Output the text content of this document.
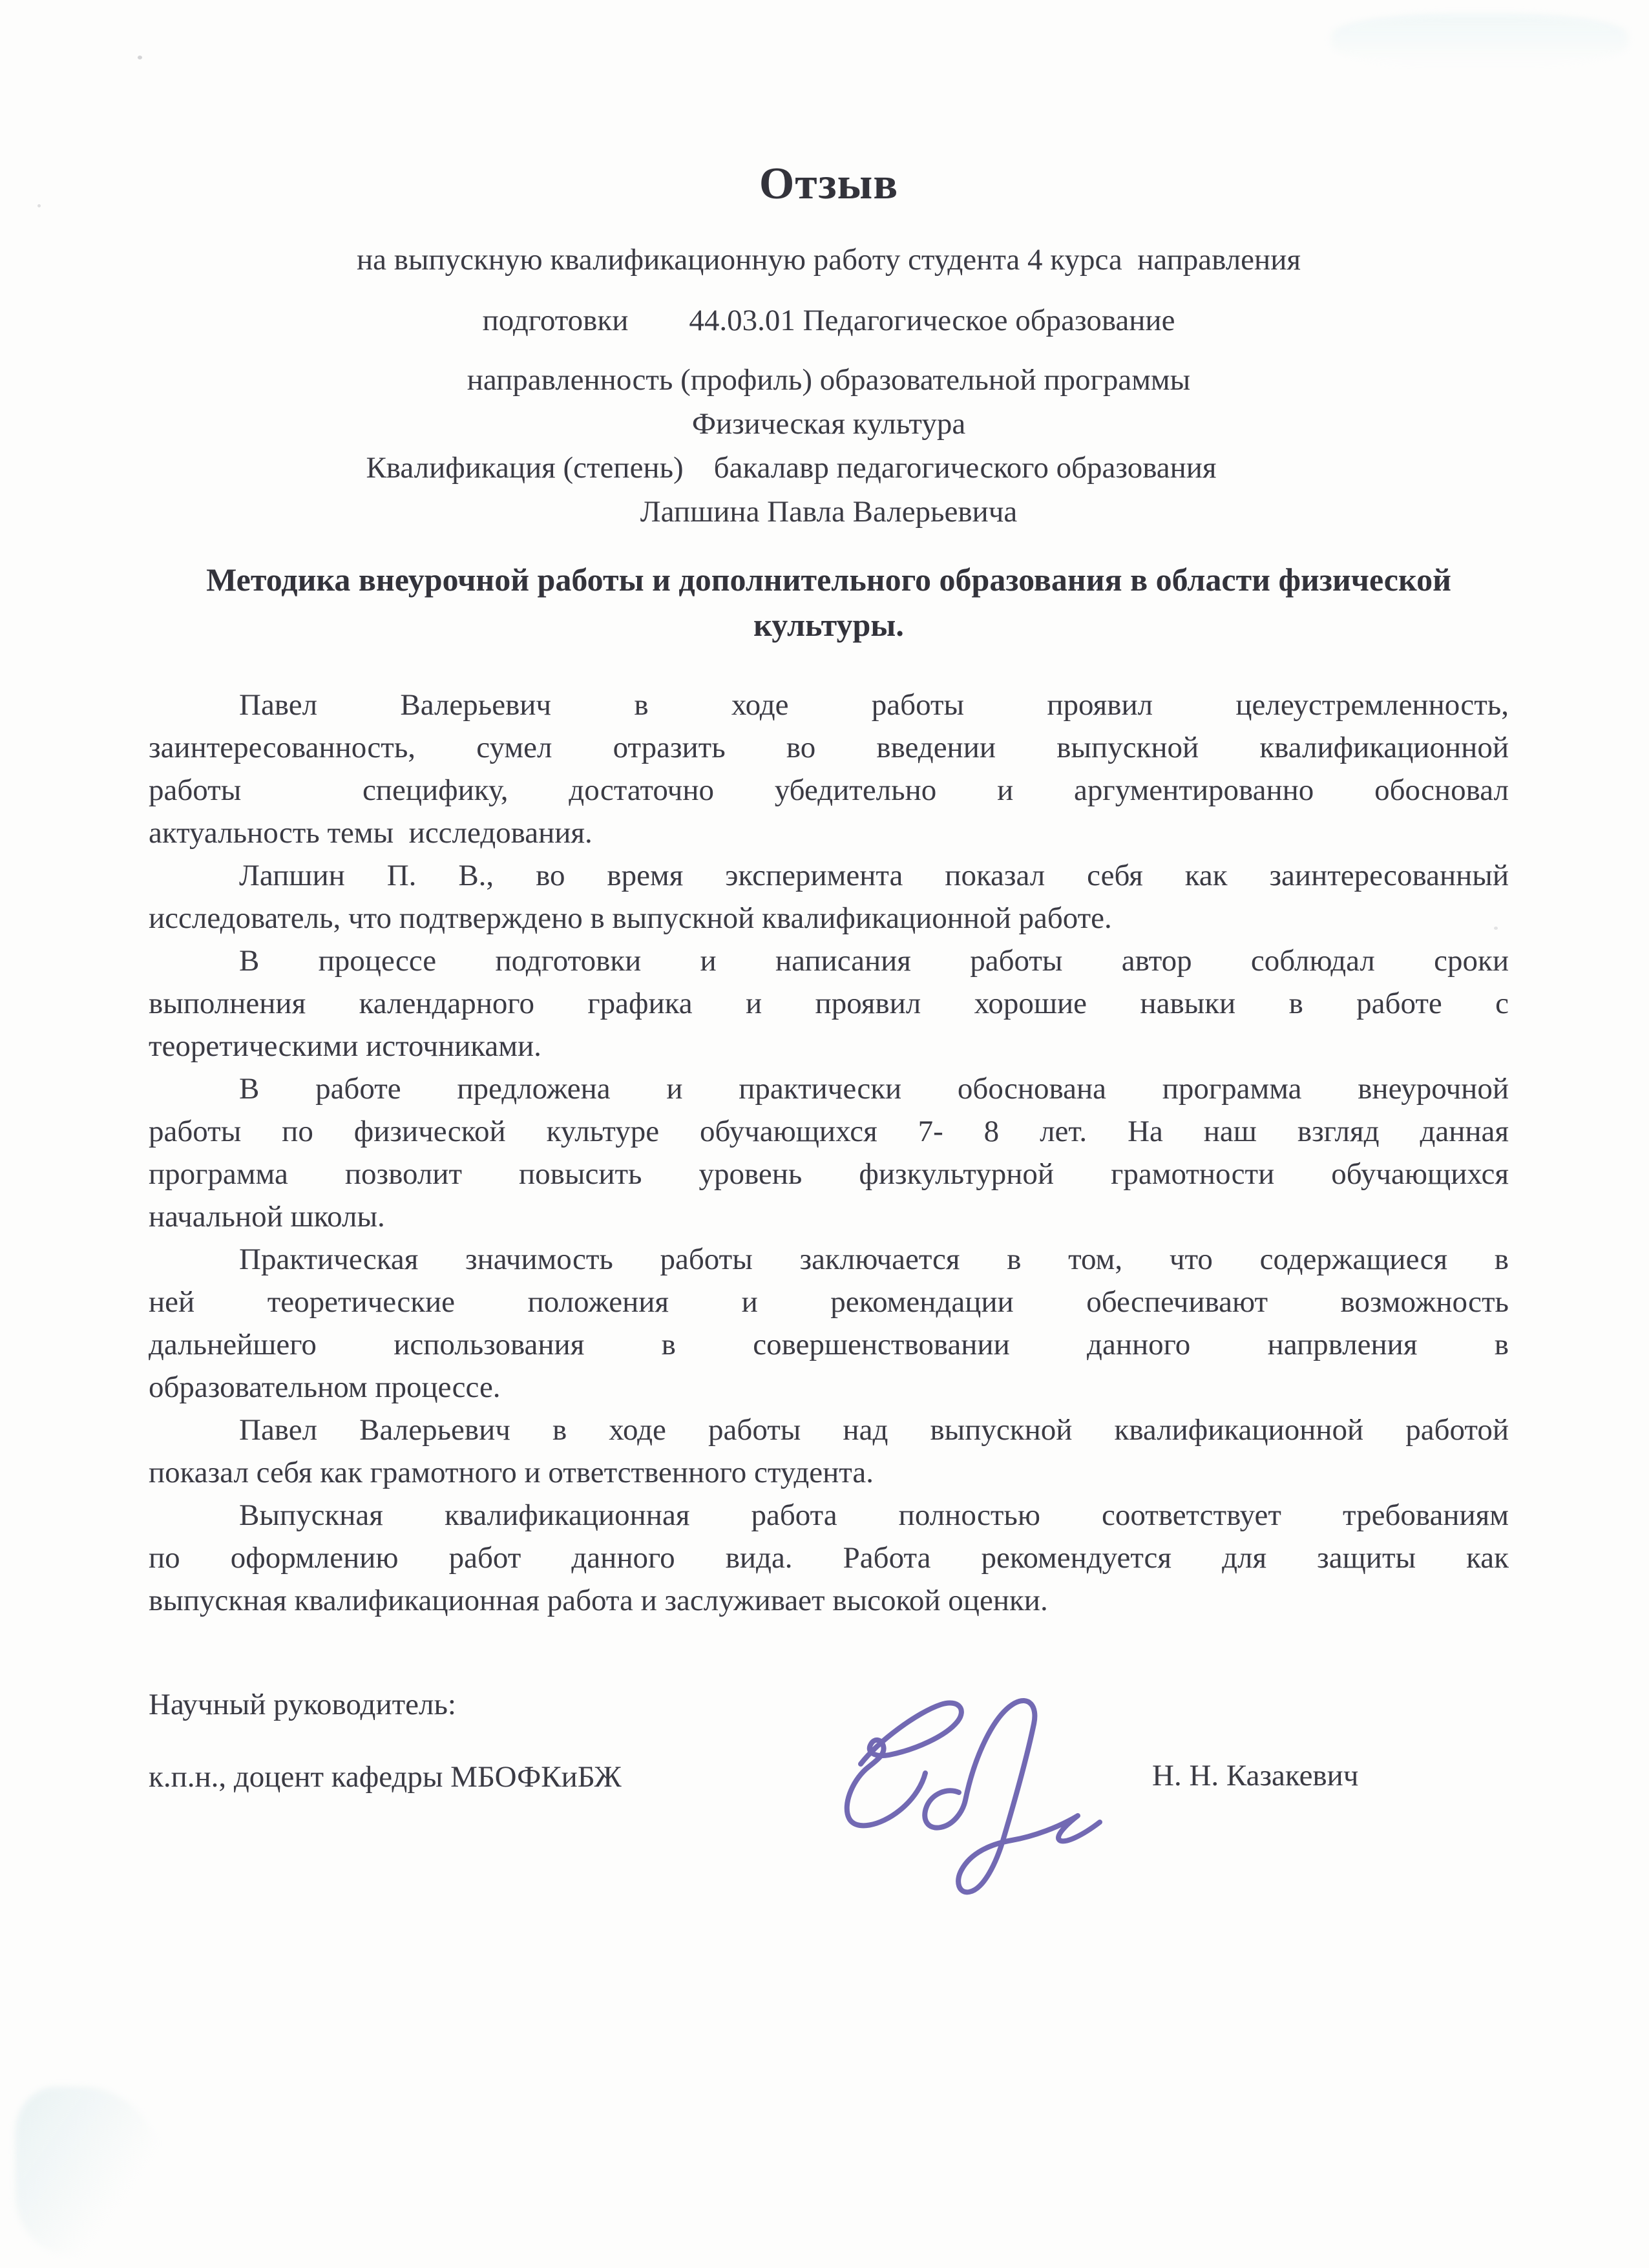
Отзыв

на выпускную квалификационную работу студента 4 курса  направления

подготовки        44.03.01 Педагогическое образование

направленность (профиль) образовательной программы

Физическая культура

Квалификация (степень)    бакалавр педагогического образования

Лапшина Павла Валерьевича

Методика внеурочной работы и дополнительного образования в области физической культуры.

Павел Валерьевич в ходе работы проявил целеустремленность,

заинтересованность, сумел отразить во введении выпускной квалификационной

работы  специфику, достаточно убедительно и аргументированно обосновал

актуальность темы  исследования.

Лапшин П. В., во время эксперимента показал себя как заинтересованный

исследователь, что подтверждено в выпускной квалификационной работе.

В процессе подготовки и написания работы автор соблюдал сроки

выполнения календарного графика и проявил хорошие навыки в работе с

теоретическими источниками.

В работе предложена и практически обоснована программа внеурочной

работы по физической культуре обучающихся 7- 8 лет. На наш взгляд данная

программа позволит повысить уровень физкультурной грамотности обучающихся

начальной школы.

Практическая значимость работы заключается в том, что содержащиеся в

ней теоретические положения и рекомендации обеспечивают возможность

дальнейшего использования в совершенствовании данного напрвления в

образовательном процессе.

Павел Валерьевич в ходе работы над выпускной квалификационной работой

показал себя как грамотного и ответственного студента.

Выпускная квалификационная работа полностью соответствует требованиям

по оформлению работ данного вида. Работа рекомендуется для защиты как

выпускная квалификационная работа и заслуживает высокой оценки.

Научный руководитель:
к.п.н., доцент кафедры МБОФКиБЖ	Н. Н. Казакевич
